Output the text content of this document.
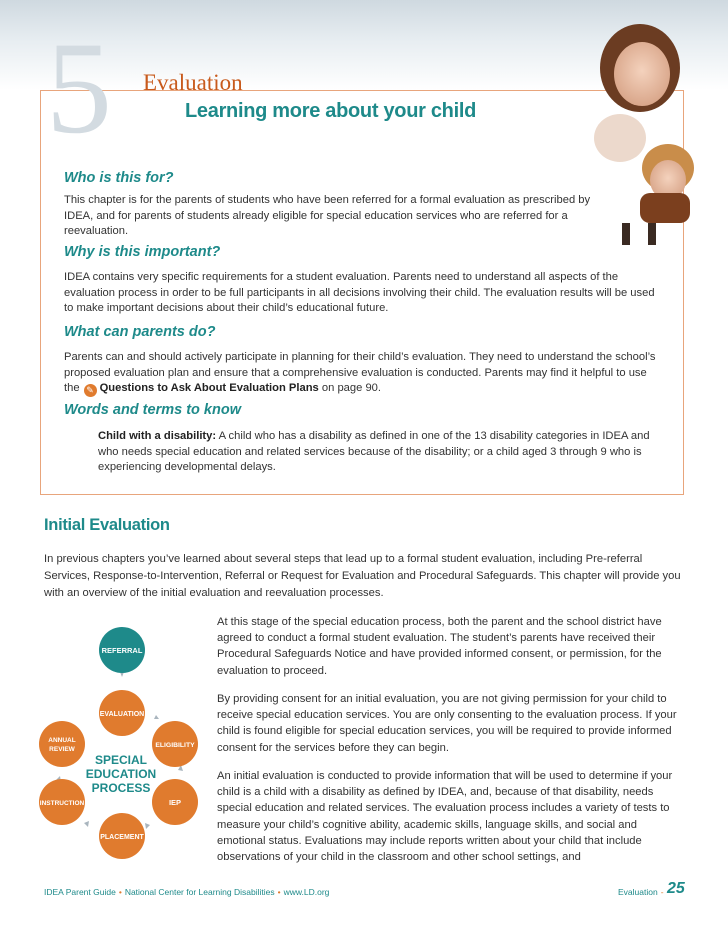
5 Evaluation
Learning more about your child
Who is this for?
This chapter is for the parents of students who have been referred for a formal evaluation as prescribed by IDEA, and for parents of students already eligible for special education services who are referred for a reevaluation.
Why is this important?
IDEA contains very specific requirements for a student evaluation. Parents need to understand all aspects of the evaluation process in order to be full participants in all decisions involving their child. The evaluation results will be used to make important decisions about their child’s educational future.
What can parents do?
Parents can and should actively participate in planning for their child’s evaluation. They need to understand the school’s proposed evaluation plan and ensure that a comprehensive evaluation is conducted. Parents may find it helpful to use the ✎ Questions to Ask About Evaluation Plans on page 90.
Words and terms to know
Child with a disability: A child who has a disability as defined in one of the 13 disability categories in IDEA and who needs special education and related services because of the disability; or a child aged 3 through 9 who is experiencing developmental delays.
Initial Evaluation
In previous chapters you’ve learned about several steps that lead up to a formal student evaluation, including Pre-referral Services, Response-to-Intervention, Referral or Request for Evaluation and Procedural Safeguards. This chapter will provide you with an overview of the initial evaluation and reevaluation processes.
At this stage of the special education process, both the parent and the school district have agreed to conduct a formal student evaluation. The student’s parents have received their Procedural Safeguards Notice and have provided informed consent, or permission, for the evaluation to proceed.
By providing consent for an initial evaluation, you are not giving permission for your child to receive special education services. You are only consenting to the evaluation process. If your child is found eligible for special education services, you will be required to provide informed consent for the services before they can begin.
An initial evaluation is conducted to provide information that will be used to determine if your child is a child with a disability as defined by IDEA, and, because of that disability, needs special education and related services. The evaluation process includes a variety of tests to measure your child’s cognitive ability, academic skills, language skills, and social and emotional status. Evaluations may include reports written about your child that include observations of your child in the classroom and other school settings, and
REFERRAL
EVALUATION
ELIGIBILITY
IEP
PLACEMENT
INSTRUCTION
ANNUAL
REVIEW
SPECIAL
EDUCATION
PROCESS
IDEA Parent Guide • National Center for Learning Disabilities • www.LD.org	Evaluation - 25
